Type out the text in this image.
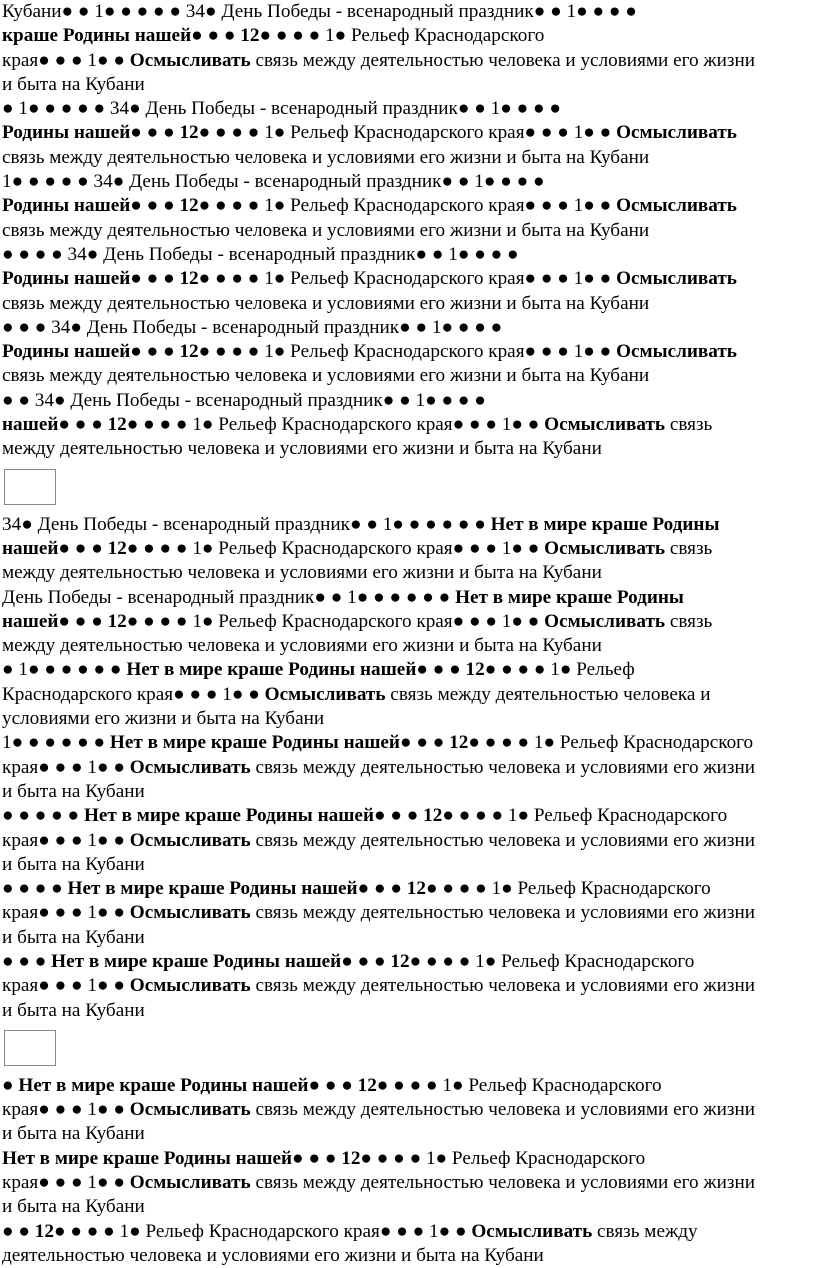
Кубани● ● 1● ● ● ● ● 34● День Победы - всенародный праздник● ● 1● ● ● ●
краше Родины нашей● ● ● 12● ● ● ● 1● Рельеф Краснодарского
края● ● ● 1● ● Осмысливать связь между деятельностью человека и условиями его жизни
и быта на Кубани

● 1● ● ● ● ● 34● День Победы - всенародный праздник● ● 1● ● ● ●
Родины нашей● ● ● 12● ● ● ● 1● Рельеф Краснодарского края● ● ● 1● ● Осмысливать
связь между деятельностью человека и условиями его жизни и быта на Кубани

1● ● ● ● ● 34● День Победы - всенародный праздник● ● 1● ● ● ●
Родины нашей● ● ● 12● ● ● ● 1● Рельеф Краснодарского края● ● ● 1● ● Осмысливать
связь между деятельностью человека и условиями его жизни и быта на Кубани

● ● ● ● 34● День Победы - всенародный праздник● ● 1● ● ● ●
Родины нашей● ● ● 12● ● ● ● 1● Рельеф Краснодарского края● ● ● 1● ● Осмысливать
связь между деятельностью человека и условиями его жизни и быта на Кубани

● ● ● 34● День Победы - всенародный праздник● ● 1● ● ● ●
Родины нашей● ● ● 12● ● ● ● 1● Рельеф Краснодарского края● ● ● 1● ● Осмысливать
связь между деятельностью человека и условиями его жизни и быта на Кубани

● ● 34● День Победы - всенародный праздник● ● 1● ● ● ●
нашей● ● ● 12● ● ● ● 1● Рельеф Краснодарского края● ● ● 1● ● Осмысливать связь
между деятельностью человека и условиями его жизни и быта на Кубани

34● День Победы - всенародный праздник● ● 1● ● ● ● ● ● Нет в мире краше Родины
нашей● ● ● 12● ● ● ● 1● Рельеф Краснодарского края● ● ● 1● ● Осмысливать связь
между деятельностью человека и условиями его жизни и быта на Кубани

День Победы - всенародный праздник● ● 1● ● ● ● ● ● Нет в мире краше Родины
нашей● ● ● 12● ● ● ● 1● Рельеф Краснодарского края● ● ● 1● ● Осмысливать связь
между деятельностью человека и условиями его жизни и быта на Кубани

● 1● ● ● ● ● ● Нет в мире краше Родины нашей● ● ● 12● ● ● ● 1● Рельеф
Краснодарского края● ● ● 1● ● Осмысливать связь между деятельностью человека и
условиями его жизни и быта на Кубани

1● ● ● ● ● ● Нет в мире краше Родины нашей● ● ● 12● ● ● ● 1● Рельеф Краснодарского
края● ● ● 1● ● Осмысливать связь между деятельностью человека и условиями его жизни
и быта на Кубани

● ● ● ● ● Нет в мире краше Родины нашей● ● ● 12● ● ● ● 1● Рельеф Краснодарского
края● ● ● 1● ● Осмысливать связь между деятельностью человека и условиями его жизни
и быта на Кубани

● ● ● ● Нет в мире краше Родины нашей● ● ● 12● ● ● ● 1● Рельеф Краснодарского
края● ● ● 1● ● Осмысливать связь между деятельностью человека и условиями его жизни
и быта на Кубани

● ● ● Нет в мире краше Родины нашей● ● ● 12● ● ● ● 1● Рельеф Краснодарского
края● ● ● 1● ● Осмысливать связь между деятельностью человека и условиями его жизни
и быта на Кубани

● Нет в мире краше Родины нашей● ● ● 12● ● ● ● 1● Рельеф Краснодарского
края● ● ● 1● ● Осмысливать связь между деятельностью человека и условиями его жизни
и быта на Кубани

Нет в мире краше Родины нашей● ● ● 12● ● ● ● 1● Рельеф Краснодарского
края● ● ● 1● ● Осмысливать связь между деятельностью человека и условиями его жизни
и быта на Кубани

● ● 12● ● ● ● 1● Рельеф Краснодарского края● ● ● 1● ● Осмысливать связь между
деятельностью человека и условиями его жизни и быта на Кубани
